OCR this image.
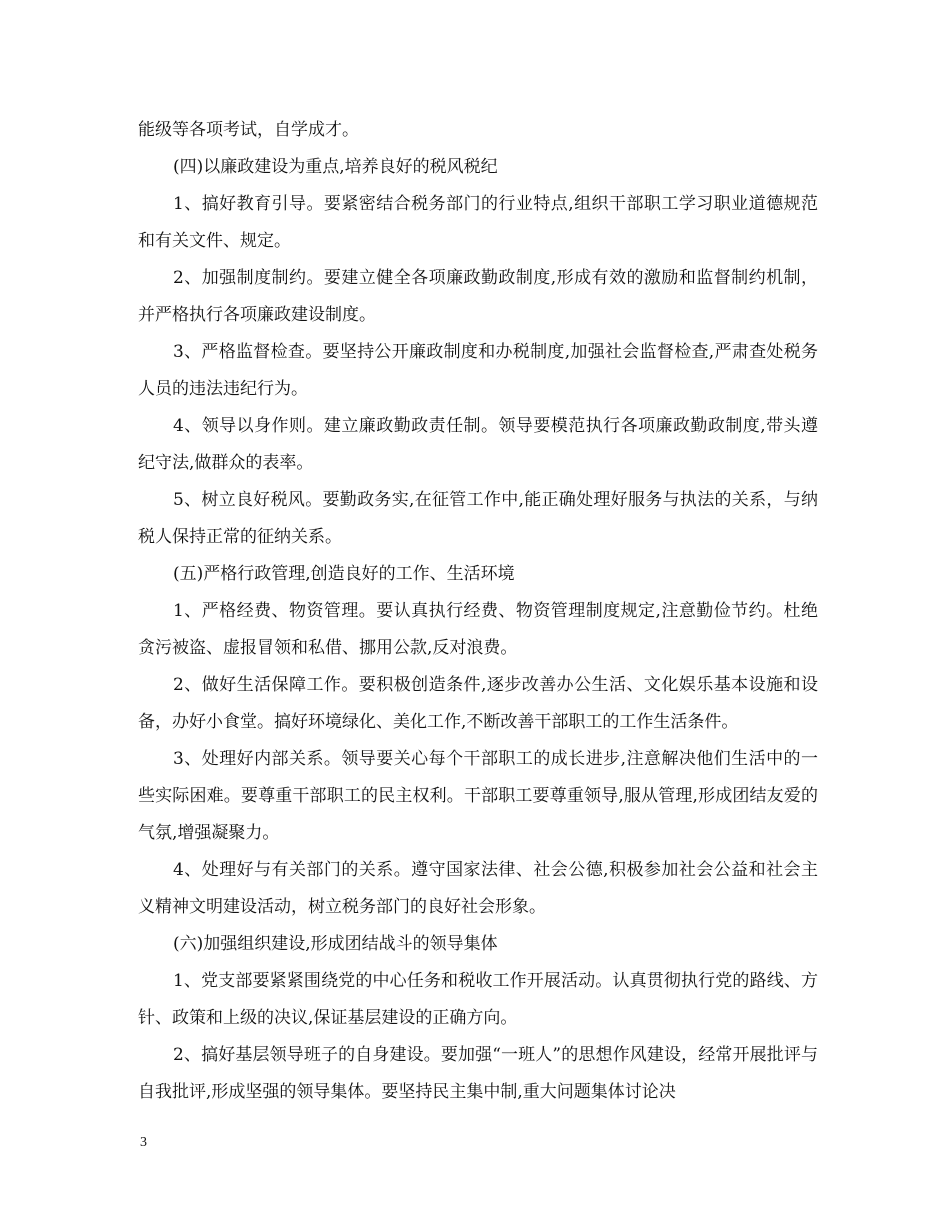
能级等各项考试，自学成才。

(四)以廉政建设为重点,培养良好的税风税纪

1、搞好教育引导。要紧密结合税务部门的行业特点,组织干部职工学习职业道德规范和有关文件、规定。

2、加强制度制约。要建立健全各项廉政勤政制度,形成有效的激励和监督制约机制，并严格执行各项廉政建设制度。

3、严格监督检查。要坚持公开廉政制度和办税制度,加强社会监督检查,严肃查处税务人员的违法违纪行为。

4、领导以身作则。建立廉政勤政责任制。领导要模范执行各项廉政勤政制度,带头遵纪守法,做群众的表率。

5、树立良好税风。要勤政务实,在征管工作中,能正确处理好服务与执法的关系，与纳税人保持正常的征纳关系。

(五)严格行政管理,创造良好的工作、生活环境

1、严格经费、物资管理。要认真执行经费、物资管理制度规定,注意勤俭节约。杜绝贪污被盗、虚报冒领和私借、挪用公款,反对浪费。

2、做好生活保障工作。要积极创造条件,逐步改善办公生活、文化娱乐基本设施和设备，办好小食堂。搞好环境绿化、美化工作,不断改善干部职工的工作生活条件。

3、处理好内部关系。领导要关心每个干部职工的成长进步,注意解决他们生活中的一些实际困难。要尊重干部职工的民主权利。干部职工要尊重领导,服从管理,形成团结友爱的气氛,增强凝聚力。

4、处理好与有关部门的关系。遵守国家法律、社会公德,积极参加社会公益和社会主义精神文明建设活动，树立税务部门的良好社会形象。

(六)加强组织建设,形成团结战斗的领导集体

1、党支部要紧紧围绕党的中心任务和税收工作开展活动。认真贯彻执行党的路线、方针、政策和上级的决议,保证基层建设的正确方向。

2、搞好基层领导班子的自身建设。要加强“一班人”的思想作风建设，经常开展批评与自我批评,形成坚强的领导集体。要坚持民主集中制,重大问题集体讨论决

3
